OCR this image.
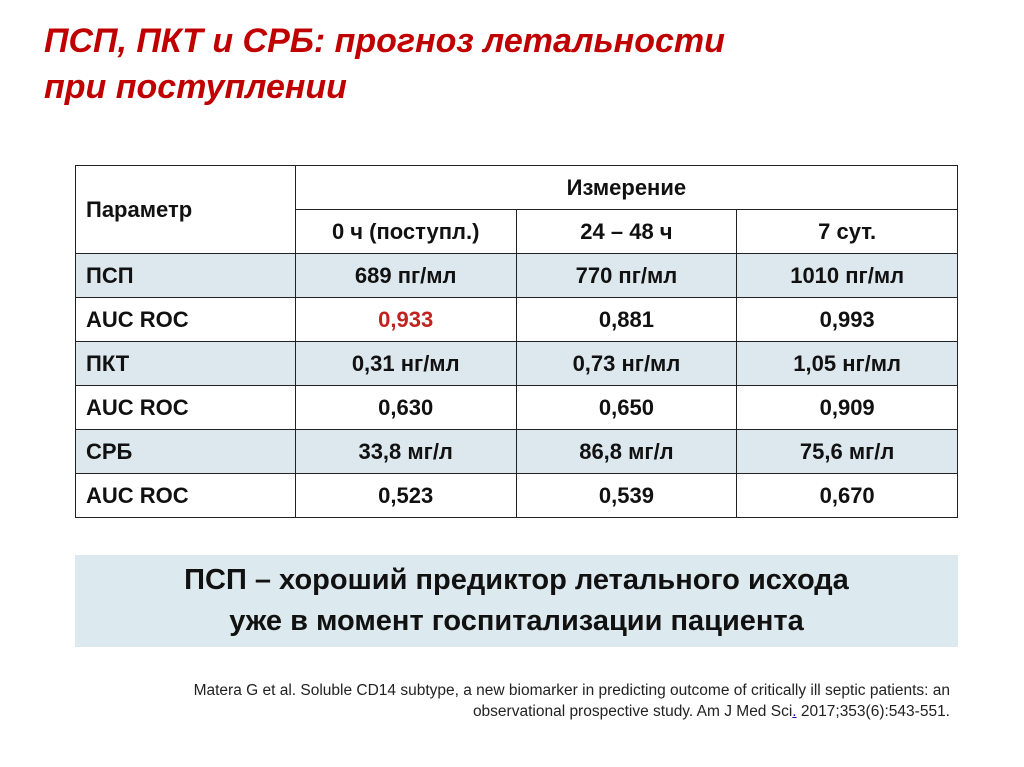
ПСП, ПКТ и СРБ: прогноз летальности
при поступлении
Параметр	Измерение		
	0 ч (поступл.)	24 – 48 ч	7 сут.
ПСП	689 пг/мл	770 пг/мл	1010 пг/мл
AUC ROC	0,933	0,881	0,993
ПКТ	0,31 нг/мл	0,73 нг/мл	1,05 нг/мл
AUC ROC	0,630	0,650	0,909
СРБ	33,8 мг/л	86,8 мг/л	75,6 мг/л
AUC ROC	0,523	0,539	0,670
ПСП – хороший предиктор летального исхода
уже в момент госпитализации пациента
Matera G et al. Soluble CD14 subtype, a new biomarker in predicting outcome of critically ill septic patients: an
observational prospective study. Am J Med Sci. 2017;353(6):543-551.
